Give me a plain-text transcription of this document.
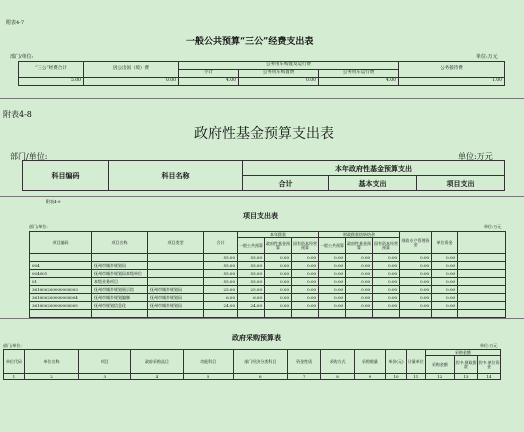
附表4-7
一般公共预算“三公”经费支出表
部门/单位:	单位:万元
“三公”经费合计	因公出国（境）费	公务用车购置及运行费			公务接待费
		小计	公务用车购置费	公务用车运行费	
5.00	0.00	4.00	0.00	4.00	1.00
附表4-8
政府性基金预算支出表
部门/单位:	单位:万元
科目编码	科目名称	本年政府性基金预算支出		
		合计	基本支出	项目支出
附表4-9
项目支出表
部门/单位:	单位:万元
项目编码	项目名称	项目类型	合计	本年拨款			财政拨款结转结余			财政专户管理资金	单位资金	
				一般公共预算	政府性基金预算	国有资本经营预算	一般公共预算	政府性基金预算	国有资本经营预算			
			55.00	55.00	0.00	0.00	0.00	0.00	0.00	0.00	0.00	
004	抚州市城乡规划局		55.00	55.00	0.00	0.00	0.00	0.00	0.00	0.00	0.00	
004001	抚州市城乡规划局本级单位		55.00	55.00	0.00	0.00	0.00	0.00	0.00	0.00	0.00	
01	本级业务项目		55.00	55.00	0.00	0.00	0.00	0.00	0.00	0.00	0.00	
361000200000000003	抚州市城乡规划展示馆	抚州市城乡规划局	25.00	25.00	0.00	0.00	0.00	0.00	0.00	0.00	0.00	
361000200000000004	抚州市城乡规划编制	抚州市城乡规划局	6.00	6.00	0.00	0.00	0.00	0.00	0.00	0.00	0.00	
361000200000000005	抚州市规划信息化	抚州市城乡规划局	24.00	24.00	0.00	0.00	0.00	0.00	0.00	0.00	0.00	

政府采购预算表
部门/单位:	单位:万元
单位代码	单位名称	项目	政府采购品目	功能科目	部门经济分类科目	资金性质	采购方式	采购数量	单价(元)	计量单位	采购金额		
											采购金额	其中:财政拨款	其中:单位资金
1	2	3	4	5	6	7	8	9	10	11	12	13	14
